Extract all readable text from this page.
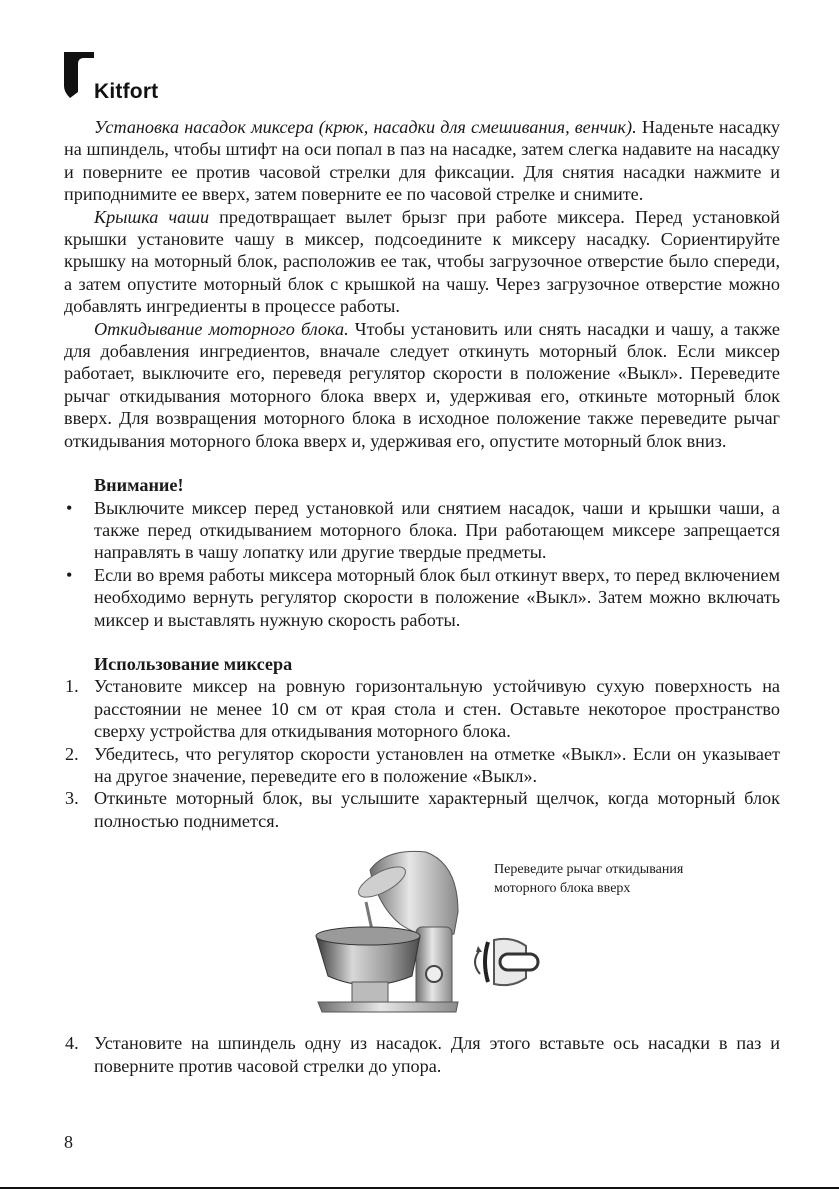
Kitfort

Установка насадок миксера (крюк, насадки для смешивания, венчик). Наденьте насадку на шпиндель, чтобы штифт на оси попал в паз на насадке, затем слегка надавите на насадку и поверните ее против часовой стрелки для фиксации. Для снятия насадки нажмите и приподнимите ее вверх, затем поверните ее по часовой стрелке и снимите.

Крышка чаши предотвращает вылет брызг при работе миксера. Перед установкой крышки установите чашу в миксер, подсоедините к миксеру насадку. Сориентируйте крышку на моторный блок, расположив ее так, чтобы загрузочное отверстие было спереди, а затем опустите моторный блок с крышкой на чашу. Через загрузочное отверстие можно добавлять ингредиенты в процессе работы.

Откидывание моторного блока. Чтобы установить или снять насадки и чашу, а также для добавления ингредиентов, вначале следует откинуть моторный блок. Если миксер работает, выключите его, переведя регулятор скорости в положение «Выкл». Переведите рычаг откидывания моторного блока вверх и, удерживая его, откиньте моторный блок вверх. Для возвращения моторного блока в исходное положение также переведите рычаг откидывания моторного блока вверх и, удерживая его, опустите моторный блок вниз.

Внимание!
• Выключите миксер перед установкой или снятием насадок, чаши и крышки чаши, а также перед откидыванием моторного блока. При работающем миксере запрещается направлять в чашу лопатку или другие твердые предметы.
• Если во время работы миксера моторный блок был откинут вверх, то перед включением необходимо вернуть регулятор скорости в положение «Выкл». Затем можно включать миксер и выставлять нужную скорость работы.
Использование миксера
1. Установите миксер на ровную горизонтальную устойчивую сухую поверхность на расстоянии не менее 10 см от края стола и стен. Оставьте некоторое пространство сверху устройства для откидывания моторного блока.
2. Убедитесь, что регулятор скорости установлен на отметке «Выкл». Если он указывает на другое значение, переведите его в положение «Выкл».
3. Откиньте моторный блок, вы услышите характерный щелчок, когда моторный блок полностью поднимется.
Переведите рычаг откидывания
моторного блока вверх
4. Установите на шпиндель одну из насадок. Для этого вставьте ось насадки в паз и поверните против часовой стрелки до упора.
8
